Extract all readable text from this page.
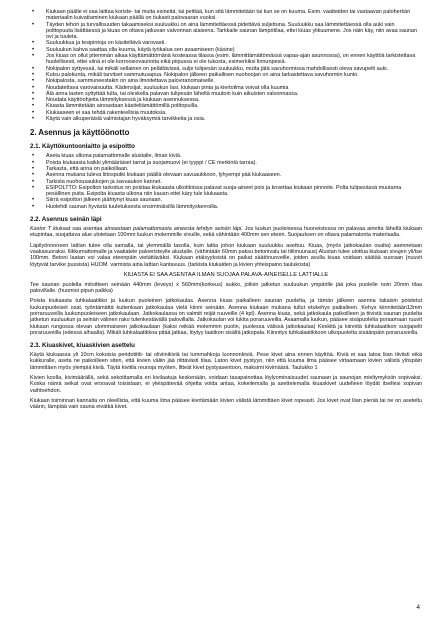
• Kiukaan päälle ei saa laittaa koriste- tai muita esineitä, tai peittää, kun sitä lämmitetään tai kun se on kuuma. Esim. vaatteiden tai vastaavan paloherkän materiaalin kuivattaminen kiukaan päällä on tiukasti palovaaran vuoksi.
• Täyden tehon ja turvallisuuden takaamiseksi suuluukku on aina lämmitettäessä pidettävä suljettuna. Suuluukku saa lämmitettäessä olla auki vain polttopuuta lisättäessä ja kiuas on oltava jatkuvan valvonnan alaisena. Tarkkaile saunan lämpötilaa, ettei kiuas ylikuumene. Jos näin käy, niin avaa saunan ovi ja tuuleta.
• Suuluukkua ja tesipintoja on käsiteltävä varovasti.
• Suuluukun kahva saattaa olla kuuma, käytä työkalua sen avaamiseen (käsine)
• Jos kiuas on ollut pitemmän aikaa käyttämättömänä kosteassa tilassa (esim. lämmittämättömässä vapaa-ajan asunnossa), on ennen käyttöä tarkistettava huolellisesti, ettei siinä ei ole korroosiovaurioita eikä piipussa ei ole tukosta, esimerkiksi linnunpesiä.
• Nokipalon syttyessä, tai mikäli sellainen on pelättävissä, sulje tulipesän suuluukku, mutta jätä savuhormissa mahdollisesti oleva savupelti auki.
• Kutsu palokunta, mikäli tarvitset sammutusapua. Nokipalon jälkeen paikallisen nuohoojan on aina tarkastettava savuhormin kunto.
• Nokipalosta, sammuneestakin on aina ilmoitettava paloviranomaiselle.
• Noudatettava varovaisuutta. Kädensijat, suuluukun lasi, kiukaan pinta ja kiertoilma voivat olla kuumia
• Älä anna lasten syttyttää tulta, tai oleskella palavan tulipesän läheltä muutoin kuin aikuisten valvonnassa.
• Noudata käyttöohjeita lämmityksessä ja kiukaan asennuksessa.
• Kiuasta lämmitetään ainoastaan käsiteltämättömillä polttopuilla.
• Kiukaaseen ei saa tehdä rakenteellisia muutoksia.
• Käytä vain alkuperäisiä valmistajan hyväksymiä tarvikkeita ja osia.
2. Asennus ja käyttöönotto
2.1. Käyttökuntoonlaitto ja esipoltto
• Aseta kiuas ulkona palamattomalle alustalle, ilman kiviä.
• Poista kiukaasta kaikki ylimääräiset tarrat ja suojamuovi (ei tyyppi / CE merkintä tarraa).
• Tarkasta, että arina on paikoillaan.
• Asenna mukana tuleva liitosputki kiukaan päällä olevaan savuaukkoon, lyhyempi pää kiukaaseen.
• Tarkista nuohousaukkojen ja savuaukon kannet.
• ESIPOLTTO: Esipolton tarkoitus on poistaa kiukaasta ulkotiloissa palavat suoja-aineet pois ja kovettaa kiukaan pinnoite. Polta tulipesässä muutama pesällinen puita. Esipolta kiuasta ulkona niin kauan ettei käry tule kiukaasta.
• Siirrä esipolton jälkeen jäähtynyt kiuas saunaan.
• Huolehdi saunan hyvästä tuuletuksesta ensimmäisillä lämmityskerroilla.
2.2. Asennus seinän läpi

Kastor T kiukaat saa asentaa ainoastaan palamattomasta aineesta tehdyn seinän läpi. Jos luukun puoleisessa huoneistossa on palavaa ainetta lähellä kiukaan etupintaa, suojattava alue ulotetaan 100mm luukun molemmille sivuille, sekä vähintään 400mm sen eteen. Suojauksen on oltava palamatonta materiaalia.

Läpilyönnoneen lattian tulee olla samalla, tai ylemmällä tasolla, kuin lattia johon kiukaan suuluukku asettuu. Kiuas, (myös jatkokaulan osalta) asennetaan vaakasuoraksi. Ilikkumattomalle ja vaakatele paloeristeylle alustalle. (vähintään 60mm paksu betonivalu tai tiilimuuraus) Alustan tulee ulottua kiukaan sivujen yli/tse 100mm. Betoni laatan voi valaa eteenpäin vietättäväksi. Kiukaan etäisyyksistä on paikat säätönuoveille, joiden avulla kiuas voidaan säätää suoraan (nuuvit löytyvät tarvike pussista) HUOM. varmista aina lattian kantavuus. (tarkista kiukaiden ja kivien yhteispaino taulukosta)

KIUASTA EI SAA ASENTAA ILMAN SUOJAA PALAVA-AINEISELLE LATTIALLE

Tee saunan puolelta mitoitteen seinään 440mm (leveys) x 560mm(korkeus) aukko, jolloin jatketun suuluukun ympärille jää joka puolelle noin 20mm tilaa palovillalle. (huomioi pipun palkka)

Poista kiukaasta tuhkalaatikko ja luukun puoleinen jatkokaulas. Asenna kiuas paikalleen saunan puolelta, ja tämän jälkeen asenna takaisin poistetut luukunpuoleiset osat, työntämättä kuitenkaan jatkokaulaa vielä kiinni seinään. Asenna kiukaan mukana tullut etukehys paikalleen. Kehys kiinnitetään13mm porraruuveilla luukunpuoleiseen jatkokaulaan. Jatkokaulassa on valmiit reijät ruuveille (4 kpl). Asenna kiuas, sekä jatkokaula paikoilleen ja tiivistä saunan puolelta jatketun suuluukun ja seinän välinen rako tulenkestävällä palovillalla. Jatkokaulan voi lukita poraruuveilla. Avaamalla luukun, pääsee sisäpuolelta poraamaan ruuvit kiukaan rungossa olevan ulommaiseen jatkokaulaan (kaksi reikää molemmin puolin, puolessa välissä jatkokaulaa) Keskitä ja kiinnitä tuhkalaatikon suojapelti poraruuveilla (edessä alhaalla). Mikäli tuhkalaatikkoa pitää jatkaa, löytyy laatikon sisältä jatkopala. Kiinnitys tuhkalaatikkoon ulkopuolelta sisäänpäin poraruuveilla.

2.3. Kiuaskivet, kiuaskivien asettelu

Käytä kiukaassa yli 10cm kokoisia peridotiitti- tai oliviinikiviä tai tummahkoja luonnonkiviä. Pese kivet aina ennen käyttöä. Kiviä ei saa latoa liian tiiviisti eikä kukkuralle, aseta ne paikoilleen siten, että kivien väliin jää riittävästi tilaa. Latoo kivet pystyyn, niin että kuuma ilma pääsee virtaamaan kivien välistä ylöspäin lämmittäen myös ylempiä kiviä. Täytä kivitila reunoja myöten, lltteät kivet pystyasentoon, maksimi kivimäärä. Taulukko 1

Kivien koolla, kivimäärällä, sekä sekoittamalla eri kivilaatuja keskenään, voidaan tasapainottaa löylyominaisuudet saunaan ja saunojan mieltymyksiin sopivaksi. Koska nämä seikat ovat erooavat toisistaan, ei yleispätevää ohjetta voida antaa, kokeilemalla ja asettelemalla kiuaskivet uudelleen löydät itsellesi sopivan vaihtoehdon.

Kiukaan toiminnan kannalta on oleellista, että kuuma ilma pääsee kiertämään kivien välistä lämmittäen kivet ropeasti. Jos kivet ovat liian pieniä tai ne on aseteltu väärin, lämpiää vain sauna eivätkä kivet.

4
